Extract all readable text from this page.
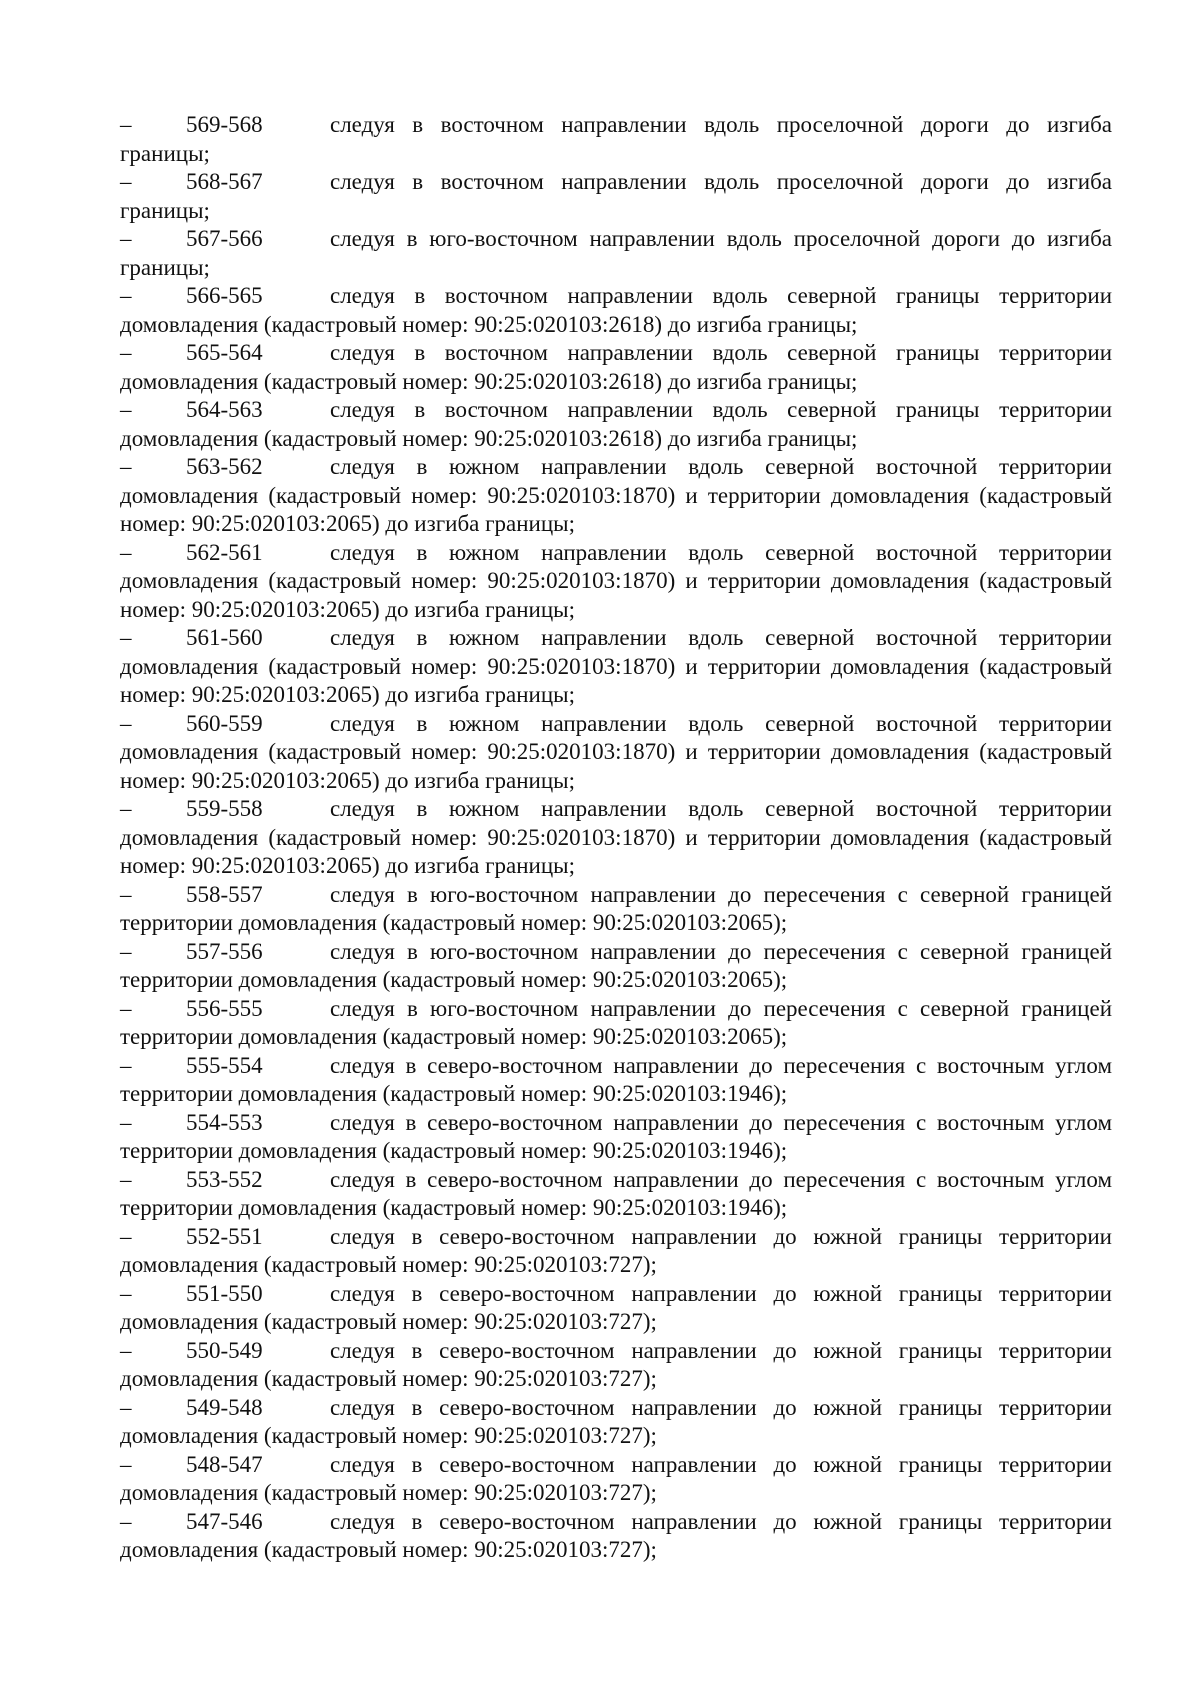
– 569-568	следуя в восточном направлении вдоль проселочной дороги до изгиба границы;

– 568-567	следуя в восточном направлении вдоль проселочной дороги до изгиба границы;

– 567-566	следуя в юго-восточном направлении вдоль проселочной дороги до изгиба границы;

– 566-565	следуя в восточном направлении вдоль северной границы территории домовладения (кадастровый номер: 90:25:020103:2618) до изгиба границы;

– 565-564	следуя в восточном направлении вдоль северной границы территории домовладения (кадастровый номер: 90:25:020103:2618) до изгиба границы;

– 564-563	следуя в восточном направлении вдоль северной границы территории домовладения (кадастровый номер: 90:25:020103:2618) до изгиба границы;

– 563-562	следуя в южном направлении вдоль северной восточной территории домовладения (кадастровый номер: 90:25:020103:1870) и территории домовладения (кадастровый номер: 90:25:020103:2065) до изгиба границы;

– 562-561	следуя в южном направлении вдоль северной восточной территории домовладения (кадастровый номер: 90:25:020103:1870) и территории домовладения (кадастровый номер: 90:25:020103:2065) до изгиба границы;

– 561-560	следуя в южном направлении вдоль северной восточной территории домовладения (кадастровый номер: 90:25:020103:1870) и территории домовладения (кадастровый номер: 90:25:020103:2065) до изгиба границы;

– 560-559	следуя в южном направлении вдоль северной восточной территории домовладения (кадастровый номер: 90:25:020103:1870) и территории домовладения (кадастровый номер: 90:25:020103:2065) до изгиба границы;

– 559-558	следуя в южном направлении вдоль северной восточной территории домовладения (кадастровый номер: 90:25:020103:1870) и территории домовладения (кадастровый номер: 90:25:020103:2065) до изгиба границы;

– 558-557	следуя в юго-восточном направлении до пересечения с северной границей территории домовладения (кадастровый номер: 90:25:020103:2065);

– 557-556	следуя в юго-восточном направлении до пересечения с северной границей территории домовладения (кадастровый номер: 90:25:020103:2065);

– 556-555	следуя в юго-восточном направлении до пересечения с северной границей территории домовладения (кадастровый номер: 90:25:020103:2065);

– 555-554	следуя в северо-восточном направлении до пересечения с восточным углом территории домовладения (кадастровый номер: 90:25:020103:1946);

– 554-553	следуя в северо-восточном направлении до пересечения с восточным углом территории домовладения (кадастровый номер: 90:25:020103:1946);

– 553-552	следуя в северо-восточном направлении до пересечения с восточным углом территории домовладения (кадастровый номер: 90:25:020103:1946);

– 552-551	следуя в северо-восточном направлении до южной границы территории домовладения (кадастровый номер: 90:25:020103:727);

– 551-550	следуя в северо-восточном направлении до южной границы территории домовладения (кадастровый номер: 90:25:020103:727);

– 550-549	следуя в северо-восточном направлении до южной границы территории домовладения (кадастровый номер: 90:25:020103:727);

– 549-548	следуя в северо-восточном направлении до южной границы территории домовладения (кадастровый номер: 90:25:020103:727);

– 548-547	следуя в северо-восточном направлении до южной границы территории домовладения (кадастровый номер: 90:25:020103:727);

– 547-546	следуя в северо-восточном направлении до южной границы территории домовладения (кадастровый номер: 90:25:020103:727);
